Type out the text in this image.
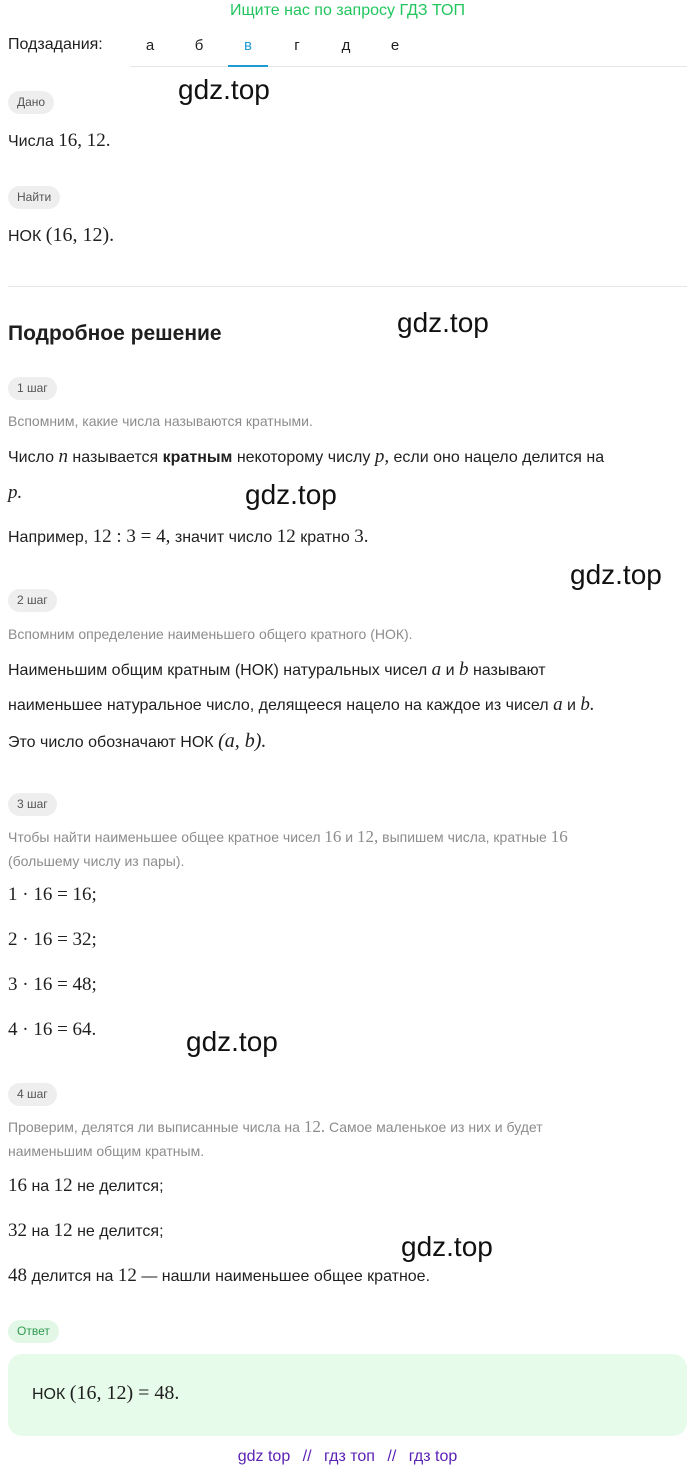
Ищите нас по запросу ГДЗ ТОП
Подзадания:	а	б	в	г	д	е
Дано
Числа 16, 12.
Найти
НОК (16, 12).
Подробное решение
1 шаг
Вспомним, какие числа называются кратными.
Число n называется кратным некоторому числу p, если оно нацело делится на
p.
Например, 12 : 3 = 4, значит число 12 кратно 3.
2 шаг
Вспомним определение наименьшего общего кратного (НОК).
Наименьшим общим кратным (НОК) натуральных чисел a и b называют
наименьшее натуральное число, делящееся нацело на каждое из чисел a и b.
Это число обозначают НОК (a, b).
3 шаг
Чтобы найти наименьшее общее кратное чисел 16 и 12, выпишем числа, кратные 16
(большему числу из пары).
1 · 16 = 16;
2 · 16 = 32;
3 · 16 = 48;
4 · 16 = 64.
4 шаг
Проверим, делятся ли выписанные числа на 12. Самое маленькое из них и будет
наименьшим общим кратным.
16 на 12 не делится;
32 на 12 не делится;
48 делится на 12 — нашли наименьшее общее кратное.
Ответ
НОК (16, 12) = 48.
gdz.top
gdz.top
gdz.top
gdz.top
gdz.top
gdz.top
gdz top // гдз топ // гдз top
